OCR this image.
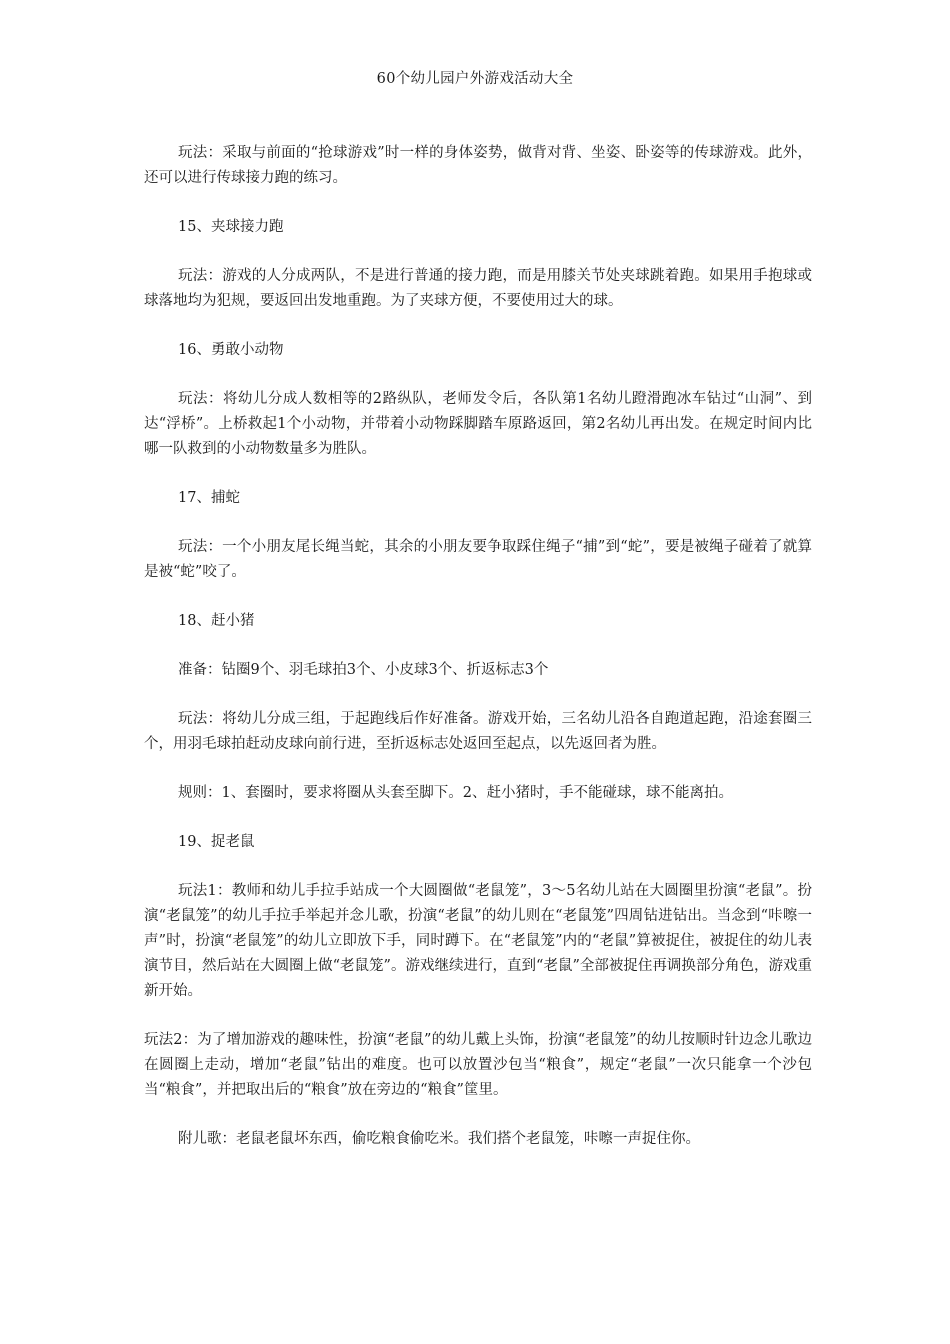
60个幼儿园户外游戏活动大全

玩法：采取与前面的“抢球游戏”时一样的身体姿势，做背对背、坐姿、卧姿等的传球游戏。此外，还可以进行传球接力跑的练习。

15、夹球接力跑

玩法：游戏的人分成两队，不是进行普通的接力跑，而是用膝关节处夹球跳着跑。如果用手抱球或球落地均为犯规，要返回出发地重跑。为了夹球方便，不要使用过大的球。

16、勇敢小动物

玩法：将幼儿分成人数相等的2路纵队，老师发令后，各队第1名幼儿蹬滑跑冰车钻过“山洞”、到达“浮桥”。上桥救起1个小动物，并带着小动物踩脚踏车原路返回，第2名幼儿再出发。在规定时间内比哪一队救到的小动物数量多为胜队。

17、捕蛇

玩法：一个小朋友尾长绳当蛇，其余的小朋友要争取踩住绳子“捕”到“蛇”，要是被绳子碰着了就算是被“蛇”咬了。

18、赶小猪

准备：钻圈9个、羽毛球拍3个、小皮球3个、折返标志3个

玩法：将幼儿分成三组，于起跑线后作好准备。游戏开始，三名幼儿沿各自跑道起跑，沿途套圈三个，用羽毛球拍赶动皮球向前行进，至折返标志处返回至起点，以先返回者为胜。

规则：1、套圈时，要求将圈从头套至脚下。2、赶小猪时，手不能碰球，球不能离拍。

19、捉老鼠

玩法1：教师和幼儿手拉手站成一个大圆圈做“老鼠笼”，3～5名幼儿站在大圆圈里扮演“老鼠”。扮演“老鼠笼”的幼儿手拉手举起并念儿歌，扮演“老鼠”的幼儿则在“老鼠笼”四周钻进钻出。当念到“咔嚓一声”时，扮演“老鼠笼”的幼儿立即放下手，同时蹲下。在“老鼠笼”内的“老鼠”算被捉住，被捉住的幼儿表演节目，然后站在大圆圈上做“老鼠笼”。游戏继续进行，直到“老鼠”全部被捉住再调换部分角色，游戏重新开始。

玩法2：为了增加游戏的趣味性，扮演“老鼠”的幼儿戴上头饰，扮演“老鼠笼”的幼儿按顺时针边念儿歌边在圆圈上走动，增加“老鼠”钻出的难度。也可以放置沙包当“粮食”，规定“老鼠”一次只能拿一个沙包当“粮食”，并把取出后的“粮食”放在旁边的“粮食”筐里。

附儿歌：老鼠老鼠坏东西，偷吃粮食偷吃米。我们搭个老鼠笼，咔嚓一声捉住你。
